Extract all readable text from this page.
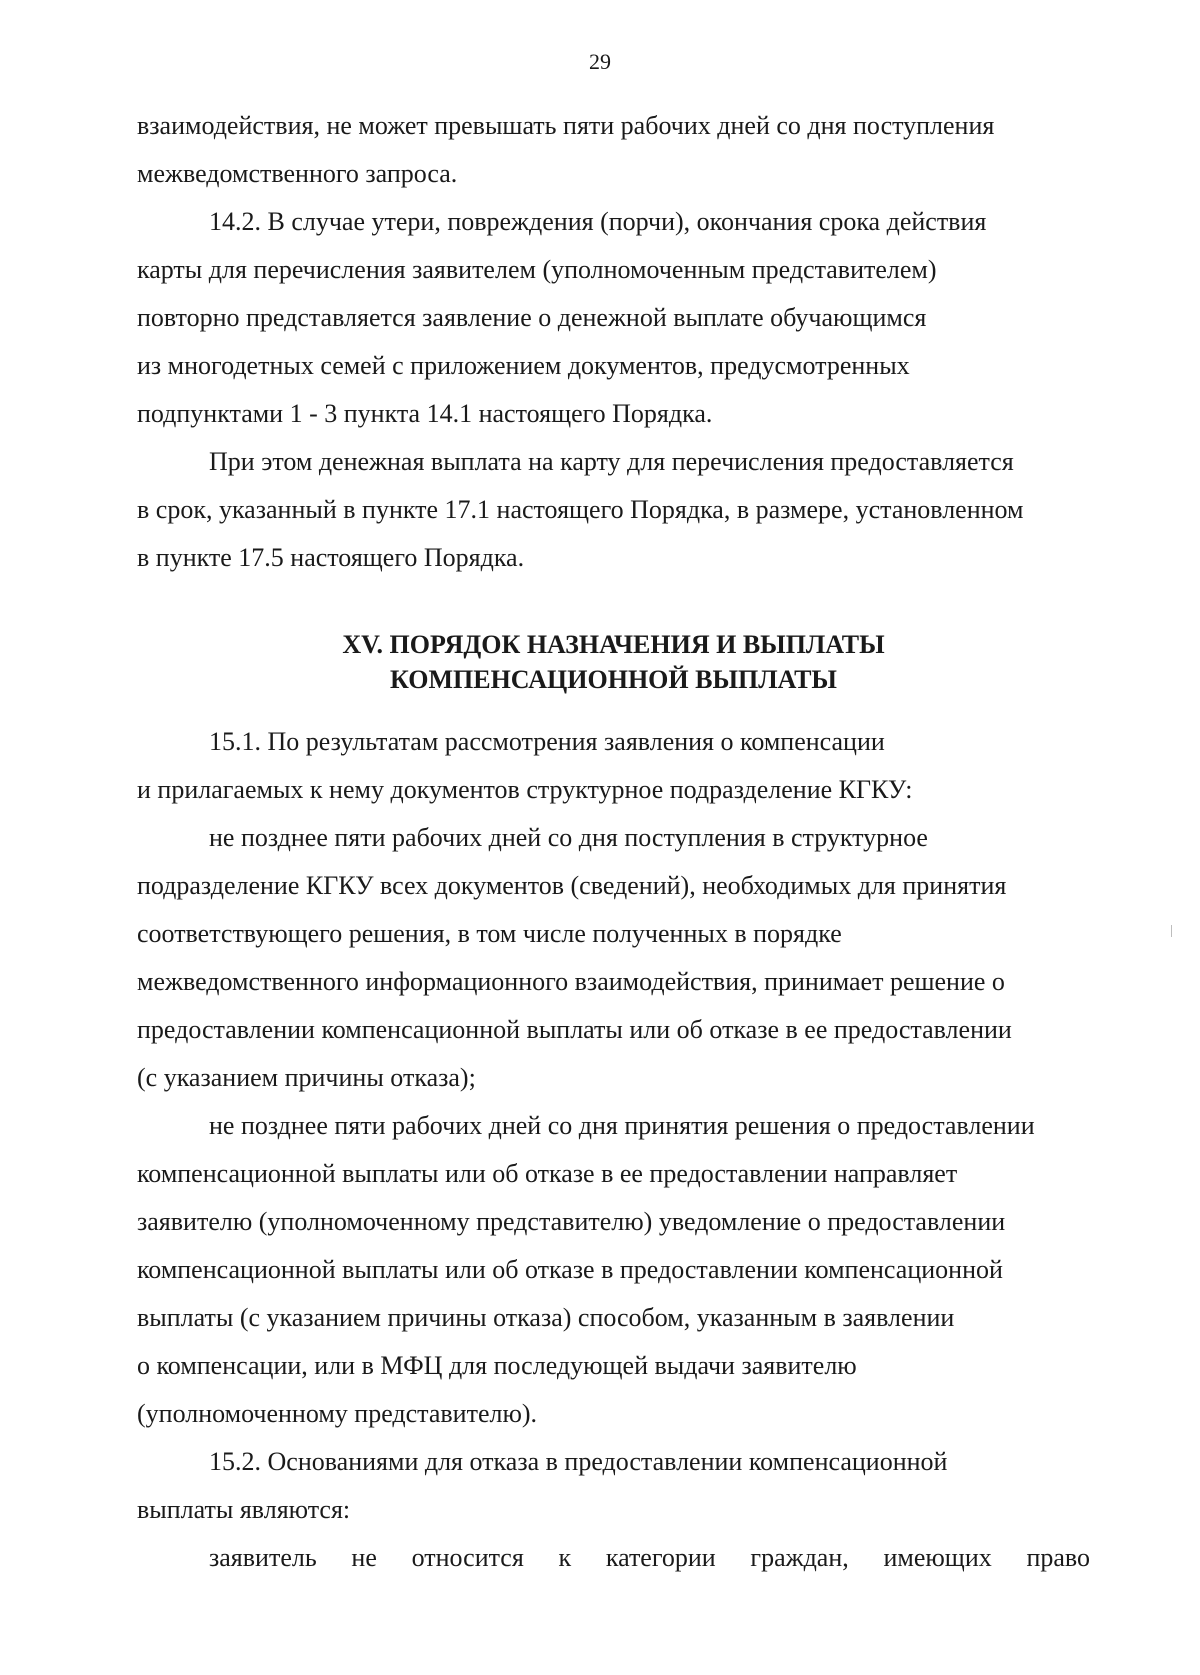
29
взаимодействия, не может превышать пяти рабочих дней со дня поступления
межведомственного запроса.
14.2. В случае утери, повреждения (порчи), окончания срока действия
карты для перечисления заявителем (уполномоченным представителем)
повторно представляется заявление о денежной выплате обучающимся
из многодетных семей с приложением документов, предусмотренных
подпунктами 1 - 3 пункта 14.1 настоящего Порядка.
При этом денежная выплата на карту для перечисления предоставляется
в срок, указанный в пункте 17.1 настоящего Порядка, в размере, установленном
в пункте 17.5 настоящего Порядка.
XV. ПОРЯДОК НАЗНАЧЕНИЯ И ВЫПЛАТЫ
КОМПЕНСАЦИОННОЙ ВЫПЛАТЫ
15.1. По результатам рассмотрения заявления о компенсации
и прилагаемых к нему документов структурное подразделение КГКУ:
не позднее пяти рабочих дней со дня поступления в структурное
подразделение КГКУ всех документов (сведений), необходимых для принятия
соответствующего решения, в том числе полученных в порядке
межведомственного информационного взаимодействия, принимает решение о
предоставлении компенсационной выплаты или об отказе в ее предоставлении
(с указанием причины отказа);
не позднее пяти рабочих дней со дня принятия решения о предоставлении
компенсационной выплаты или об отказе в ее предоставлении направляет
заявителю (уполномоченному представителю) уведомление о предоставлении
компенсационной выплаты или об отказе в предоставлении компенсационной
выплаты (с указанием причины отказа) способом, указанным в заявлении
о компенсации, или в МФЦ для последующей выдачи заявителю
(уполномоченному представителю).
15.2. Основаниями для отказа в предоставлении компенсационной
выплаты являются:
заявитель не относится к категории граждан, имеющих право
